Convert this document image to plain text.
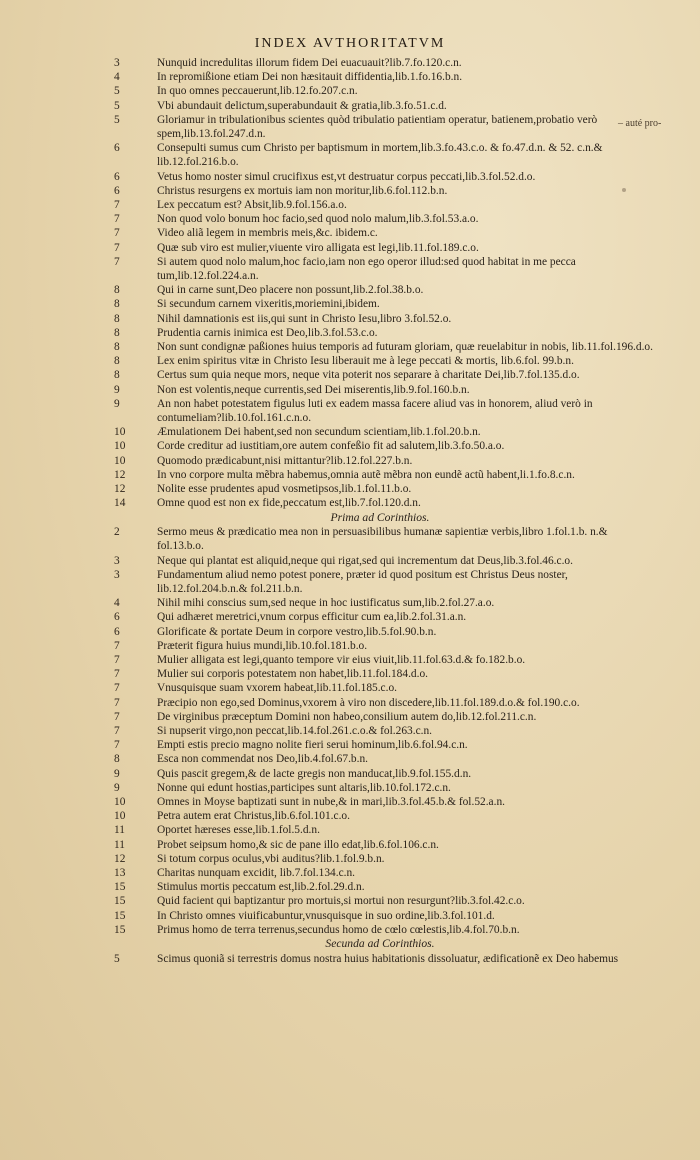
INDEX AVTHORITATVM
– auté pro-
3	Nunquid incredulitas illorum fidem Dei euacuauit?lib.7.fo.120.c.n.
4	In repromißione etiam Dei non hæsitauit diffidentia,lib.1.fo.16.b.n.
5	In quo omnes peccauerunt,lib.12.fo.207.c.n.
5	Vbi abundauit delictum,superabundauit & gratia,lib.3.fo.51.c.d.
5	Gloriamur in tribulationibus scientes quòd tribulatio patientiam operatur, batienem,probatio verò spem,lib.13.fol.247.d.n.
6	Consepulti sumus cum Christo per baptismum in mortem,lib.3.fo.43.c.o. & fo.47.d.n. & 52. c.n.& lib.12.fol.216.b.o.
6	Vetus homo noster simul crucifixus est,vt destruatur corpus peccati,lib.3.fol.52.d.o.
6	Christus resurgens ex mortuis iam non moritur,lib.6.fol.112.b.n.
7	Lex peccatum est? Absit,lib.9.fol.156.a.o.
7	Non quod volo bonum hoc facio,sed quod nolo malum,lib.3.fol.53.a.o.
7	Video aliã legem in membris meis,&c. ibidem.c.
7	Quæ sub viro est mulier,viuente viro alligata est legi,lib.11.fol.189.c.o.
7	Si autem quod nolo malum,hoc facio,iam non ego operor illud:sed quod habitat in me pecca tum,lib.12.fol.224.a.n.
8	Qui in carne sunt,Deo placere non possunt,lib.2.fol.38.b.o.
8	Si secundum carnem vixeritis,moriemini,ibidem.
8	Nihil damnationis est iis,qui sunt in Christo Iesu,libro 3.fol.52.o.
8	Prudentia carnis inimica est Deo,lib.3.fol.53.c.o.
8	Non sunt condignæ paßiones huius temporis ad futuram gloriam, quæ reuelabitur in nobis, lib.11.fol.196.d.o.
8	Lex enim spiritus vitæ in Christo Iesu liberauit me à lege peccati & mortis, lib.6.fol. 99.b.n.
8	Certus sum quia neque mors, neque vita poterit nos separare à charitate Dei,lib.7.fol.135.d.o.
9	Non est volentis,neque currentis,sed Dei miserentis,lib.9.fol.160.b.n.
9	An non habet potestatem figulus luti ex eadem massa facere aliud vas in honorem, aliud verò in contumeliam?lib.10.fol.161.c.n.o.
10	Æmulationem Dei habent,sed non secundum scientiam,lib.1.fol.20.b.n.
10	Corde creditur ad iustitiam,ore autem confeßio fit ad salutem,lib.3.fo.50.a.o.
10	Quomodo prædicabunt,nisi mittantur?lib.12.fol.227.b.n.
12	In vno corpore multa mẽbra habemus,omnia autẽ mẽbra non eundẽ actũ habent,li.1.fo.8.c.n.
12	Nolite esse prudentes apud vosmetipsos,lib.1.fol.11.b.o.
14	Omne quod est non ex fide,peccatum est,lib.7.fol.120.d.n.
Prima ad Corinthios.
2	Sermo meus & prædicatio mea non in persuasibilibus humanæ sapientiæ verbis,libro 1.fol.1.b. n.& fol.13.b.o.
3	Neque qui plantat est aliquid,neque qui rigat,sed qui incrementum dat Deus,lib.3.fol.46.c.o.
3	Fundamentum aliud nemo potest ponere, præter id quod positum est Christus Deus noster, lib.12.fol.204.b.n.& fol.211.b.n.
4	Nihil mihi conscius sum,sed neque in hoc iustificatus sum,lib.2.fol.27.a.o.
6	Qui adhæret meretrici,vnum corpus efficitur cum ea,lib.2.fol.31.a.n.
6	Glorificate & portate Deum in corpore vestro,lib.5.fol.90.b.n.
7	Præterit figura huius mundi,lib.10.fol.181.b.o.
7	Mulier alligata est legi,quanto tempore vir eius viuit,lib.11.fol.63.d.& fo.182.b.o.
7	Mulier sui corporis potestatem non habet,lib.11.fol.184.d.o.
7	Vnusquisque suam vxorem habeat,lib.11.fol.185.c.o.
7	Præcipio non ego,sed Dominus,vxorem à viro non discedere,lib.11.fol.189.d.o.& fol.190.c.o.
7	De virginibus præceptum Domini non habeo,consilium autem do,lib.12.fol.211.c.n.
7	Si nupserit virgo,non peccat,lib.14.fol.261.c.o.& fol.263.c.n.
7	Empti estis precio magno nolite fieri serui hominum,lib.6.fol.94.c.n.
8	Esca non commendat nos Deo,lib.4.fol.67.b.n.
9	Quis pascit gregem,& de lacte gregis non manducat,lib.9.fol.155.d.n.
9	Nonne qui edunt hostias,participes sunt altaris,lib.10.fol.172.c.n.
10	Omnes in Moyse baptizati sunt in nube,& in mari,lib.3.fol.45.b.& fol.52.a.n.
10	Petra autem erat Christus,lib.6.fol.101.c.o.
11	Oportet hæreses esse,lib.1.fol.5.d.n.
11	Probet seipsum homo,& sic de pane illo edat,lib.6.fol.106.c.n.
12	Si totum corpus oculus,vbi auditus?lib.1.fol.9.b.n.
13	Charitas nunquam excidit, lib.7.fol.134.c.n.
15	Stimulus mortis peccatum est,lib.2.fol.29.d.n.
15	Quid facient qui baptizantur pro mortuis,si mortui non resurgunt?lib.3.fol.42.c.o.
15	In Christo omnes viuificabuntur,vnusquisque in suo ordine,lib.3.fol.101.d.
15	Primus homo de terra terrenus,secundus homo de cœlo cœlestis,lib.4.fol.70.b.n.
Secunda ad Corinthios.
5	Scimus quoniã si terrestris domus nostra huius habitationis dissoluatur, ædificationẽ ex Deo habemus
